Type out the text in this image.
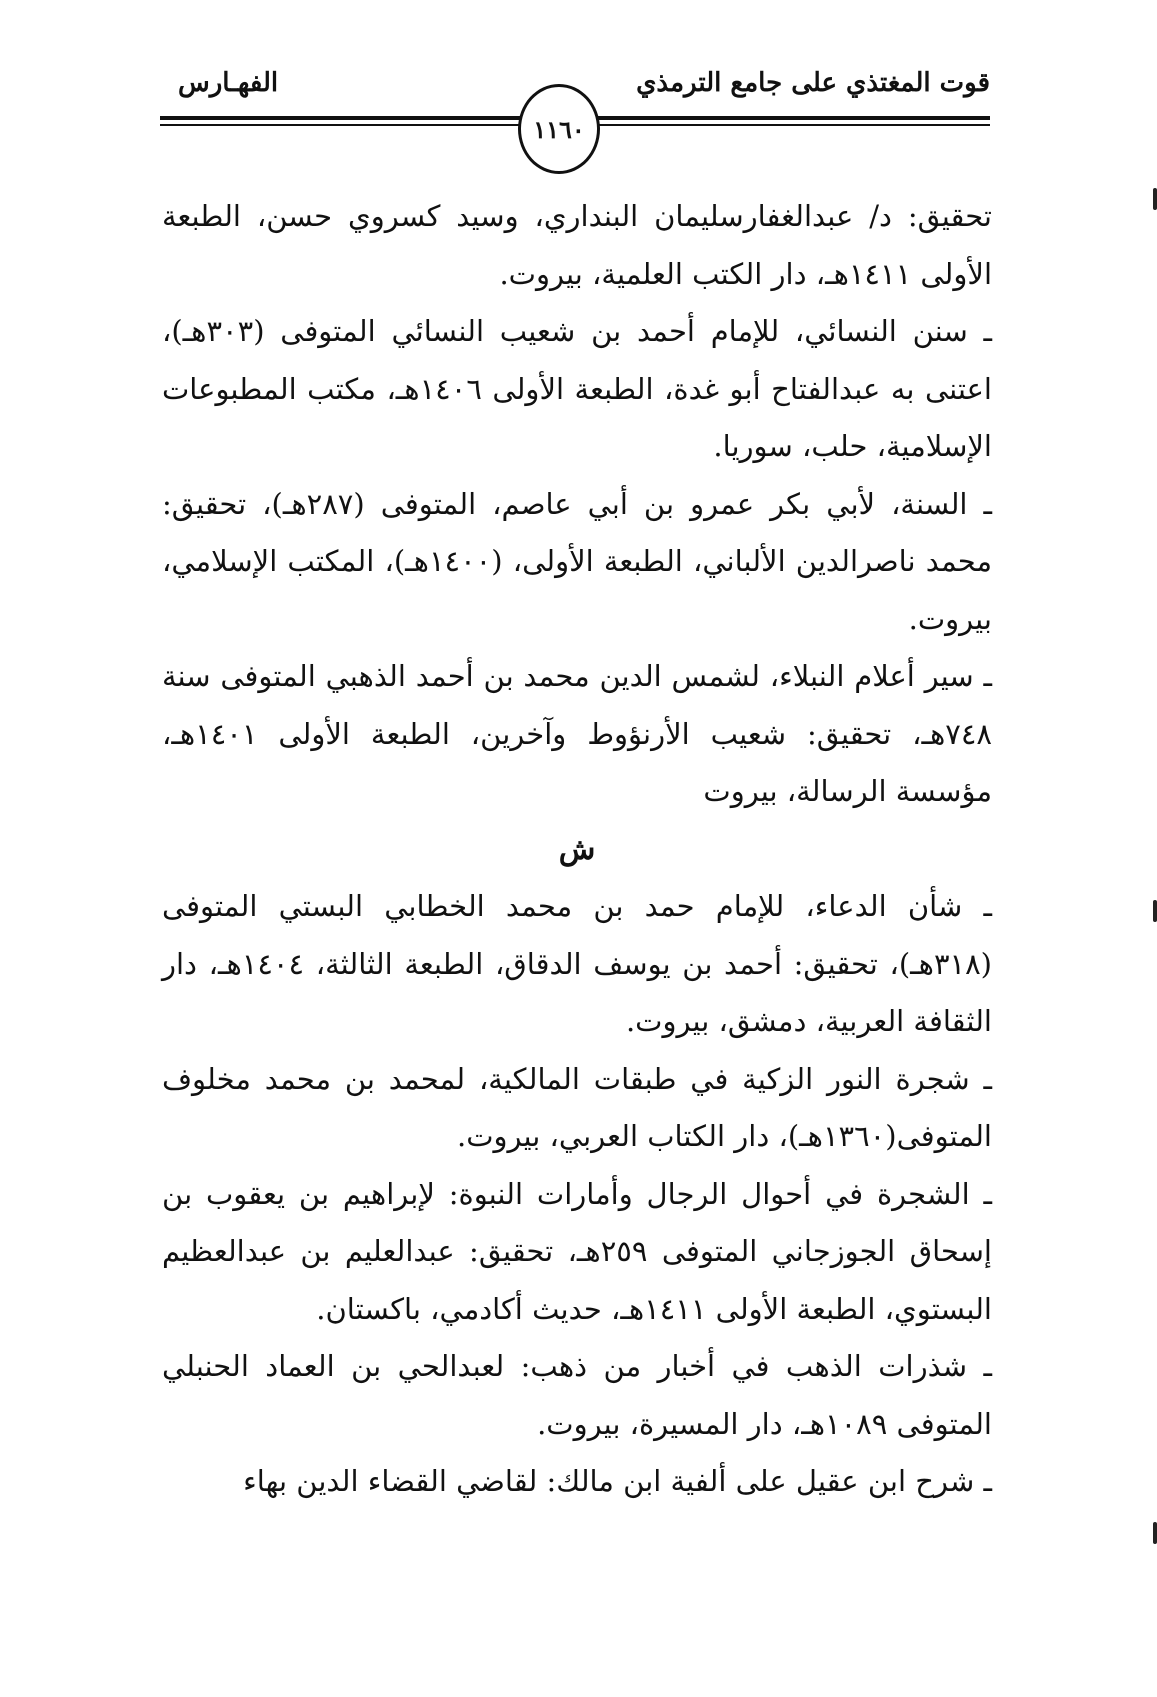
قوت المغتذي على جامع الترمذي
الفهـارس
١١٦٠

تحقيق: د/ عبدالغفارسليمان البنداري، وسيد كسروي حسن، الطبعة الأولى ١٤١١هـ، دار الكتب العلمية، بيروت.

ـ سنن النسائي، للإمام أحمد بن شعيب النسائي المتوفى (٣٠٣هـ)، اعتنى به عبدالفتاح أبو غدة، الطبعة الأولى ١٤٠٦هـ، مكتب المطبوعات الإسلامية، حلب، سوريا.

ـ السنة، لأبي بكر عمرو بن أبي عاصم، المتوفى (٢٨٧هـ)، تحقيق: محمد ناصرالدين الألباني، الطبعة الأولى، (١٤٠٠هـ)، المكتب الإسلامي، بيروت.

ـ سير أعلام النبلاء، لشمس الدين محمد بن أحمد الذهبي المتوفى سنة ٧٤٨هـ، تحقيق: شعيب الأرنؤوط وآخرين، الطبعة الأولى ١٤٠١هـ، مؤسسة الرسالة، بيروت

ش

ـ شأن الدعاء، للإمام حمد بن محمد الخطابي البستي المتوفى (٣١٨هـ)، تحقيق: أحمد بن يوسف الدقاق، الطبعة الثالثة، ١٤٠٤هـ، دار الثقافة العربية، دمشق، بيروت.

ـ شجرة النور الزكية في طبقات المالكية، لمحمد بن محمد مخلوف المتوفى(١٣٦٠هـ)، دار الكتاب العربي، بيروت.

ـ الشجرة في أحوال الرجال وأمارات النبوة: لإبراهيم بن يعقوب بن إسحاق الجوزجاني المتوفى ٢٥٩هـ، تحقيق: عبدالعليم بن عبدالعظيم البستوي، الطبعة الأولى ١٤١١هـ، حديث أكادمي، باكستان.

ـ شذرات الذهب في أخبار من ذهب: لعبدالحي بن العماد الحنبلي المتوفى ١٠٨٩هـ، دار المسيرة، بيروت.

ـ شرح ابن عقيل على ألفية ابن مالك: لقاضي القضاء الدين بهاء
